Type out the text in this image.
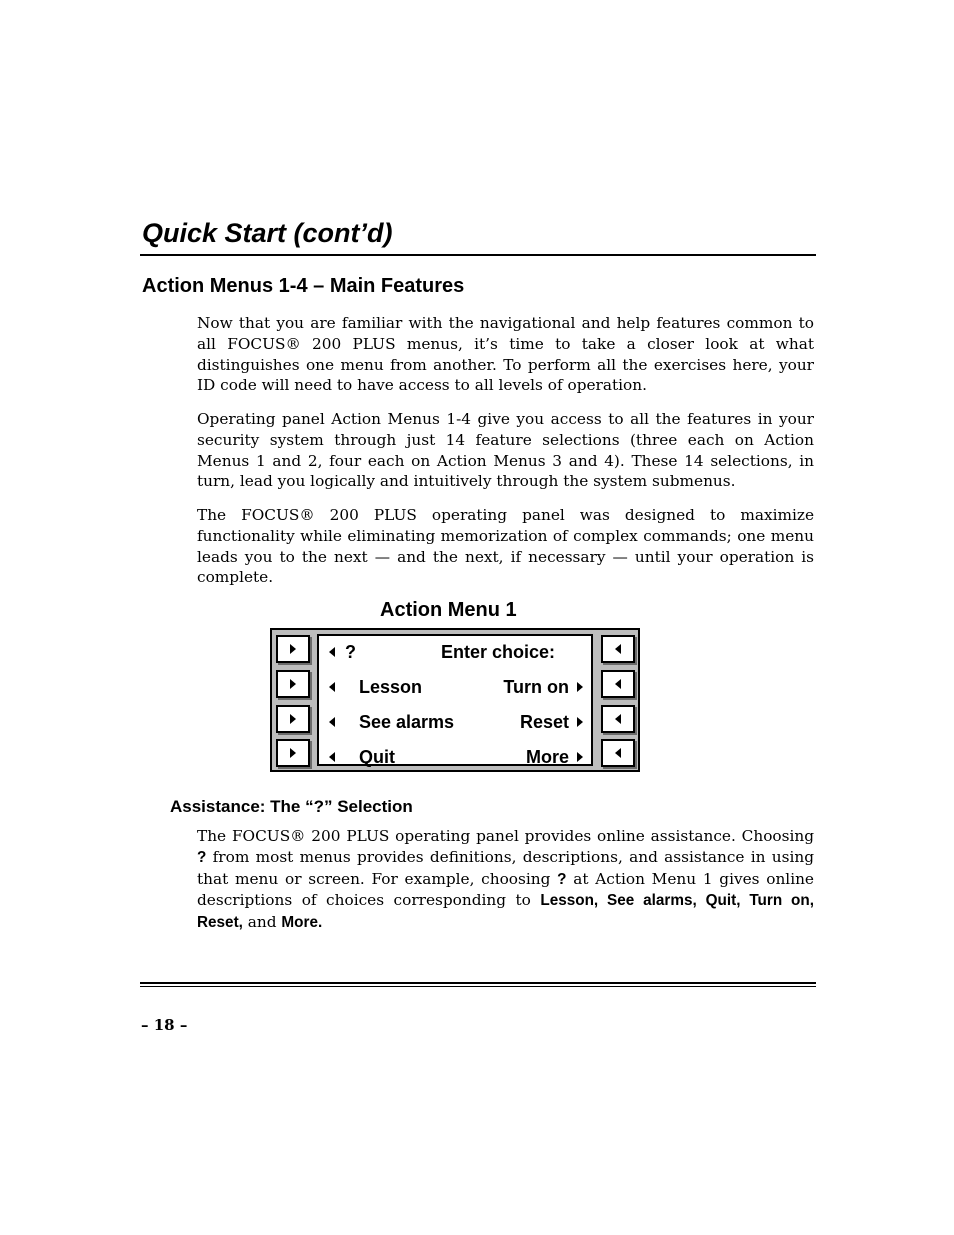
Quick Start (cont’d)
Action Menus 1-4 – Main Features

Now that you are familiar with the navigational and help features common to all FOCUS® 200 PLUS menus, it’s time to take a closer look at what distinguishes one menu from another. To perform all the exercises here, your ID code will need to have access to all levels of operation.

Operating panel Action Menus 1-4 give you access to all the features in your security system through just 14 feature selections (three each on Action Menus 1 and 2, four each on Action Menus 3 and 4). These 14 selections, in turn, lead you logically and intuitively through the system submenus.

The FOCUS® 200 PLUS operating panel was designed to maximize functionality while eliminating memorization of complex commands; one menu leads you to the next — and the next, if necessary — until your operation is complete.

Action Menu 1
?	Enter choice:
Lesson	Turn on
See alarms	Reset
Quit	More
Assistance: The “?” Selection

The FOCUS® 200 PLUS operating panel provides online assistance. Choosing ? from most menus provides definitions, descriptions, and assistance in using that menu or screen. For example, choosing ? at Action Menu 1 gives online descriptions of choices corresponding to Lesson, See alarms, Quit, Turn on, Reset, and More.

– 18 –
